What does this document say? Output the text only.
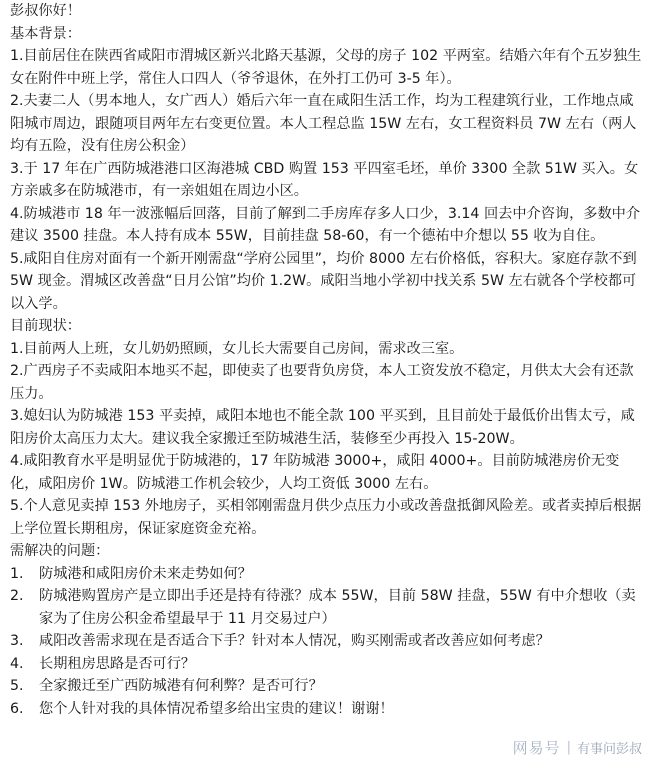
彭叔你好！

基本背景：

1.目前居住在陕西省咸阳市渭城区新兴北路天基源，父母的房子 102 平两室。结婚六年有个五岁独生女在附件中班上学，常住人口四人（爷爷退休，在外打工仍可 3-5 年）。

2.夫妻二人（男本地人，女广西人）婚后六年一直在咸阳生活工作，均为工程建筑行业，工作地点咸阳城市周边，跟随项目两年左右变更位置。本人工程总监 15W 左右，女工程资料员 7W 左右（两人均有五险，没有住房公积金）

3.于 17 年在广西防城港港口区海港城 CBD 购置 153 平四室毛坯，单价 3300 全款 51W 买入。女方亲戚多在防城港市，有一亲姐姐在周边小区。

4.防城港市 18 年一波涨幅后回落，目前了解到二手房库存多人口少，3.14 回去中介咨询，多数中介建议 3500 挂盘。本人持有成本 55W，目前挂盘 58-60，有一个德祐中介想以 55 收为自住。

5.咸阳自住房对面有一个新开刚需盘“学府公园里”，均价 8000 左右价格低，容积大。家庭存款不到 5W 现金。渭城区改善盘“日月公馆”均价 1.2W。咸阳当地小学初中找关系 5W 左右就各个学校都可以入学。

目前现状：

1.目前两人上班，女儿奶奶照顾，女儿长大需要自己房间，需求改三室。

2.广西房子不卖咸阳本地买不起，即使卖了也要背负房贷，本人工资发放不稳定，月供太大会有还款压力。

3.媳妇认为防城港 153 平卖掉，咸阳本地也不能全款 100 平买到，且目前处于最低价出售太亏，咸阳房价太高压力太大。建议我全家搬迁至防城港生活，装修至少再投入 15-20W。

4.咸阳教育水平是明显优于防城港的，17 年防城港 3000+，咸阳 4000+。目前防城港房价无变化，咸阳房价 1W。防城港工作机会较少，人均工资低 3000 左右。

5.个人意见卖掉 153 外地房子，买相邻刚需盘月供少点压力小或改善盘抵御风险差。或者卖掉后根据上学位置长期租房，保证家庭资金充裕。

需解决的问题：

1.	防城港和咸阳房价未来走势如何？
2.	防城港购置房产是立即出手还是持有待涨？成本 55W，目前 58W 挂盘，55W 有中介想收（卖家为了住房公积金希望最早于 11 月交易过户）
3.	咸阳改善需求现在是否适合下手？针对本人情况，购买刚需或者改善应如何考虑？
4.	长期租房思路是否可行？
5.	全家搬迁至广西防城港有何利弊？是否可行？
6.	您个人针对我的具体情况希望多给出宝贵的建议！谢谢！
网易号 | 有事问彭叔
